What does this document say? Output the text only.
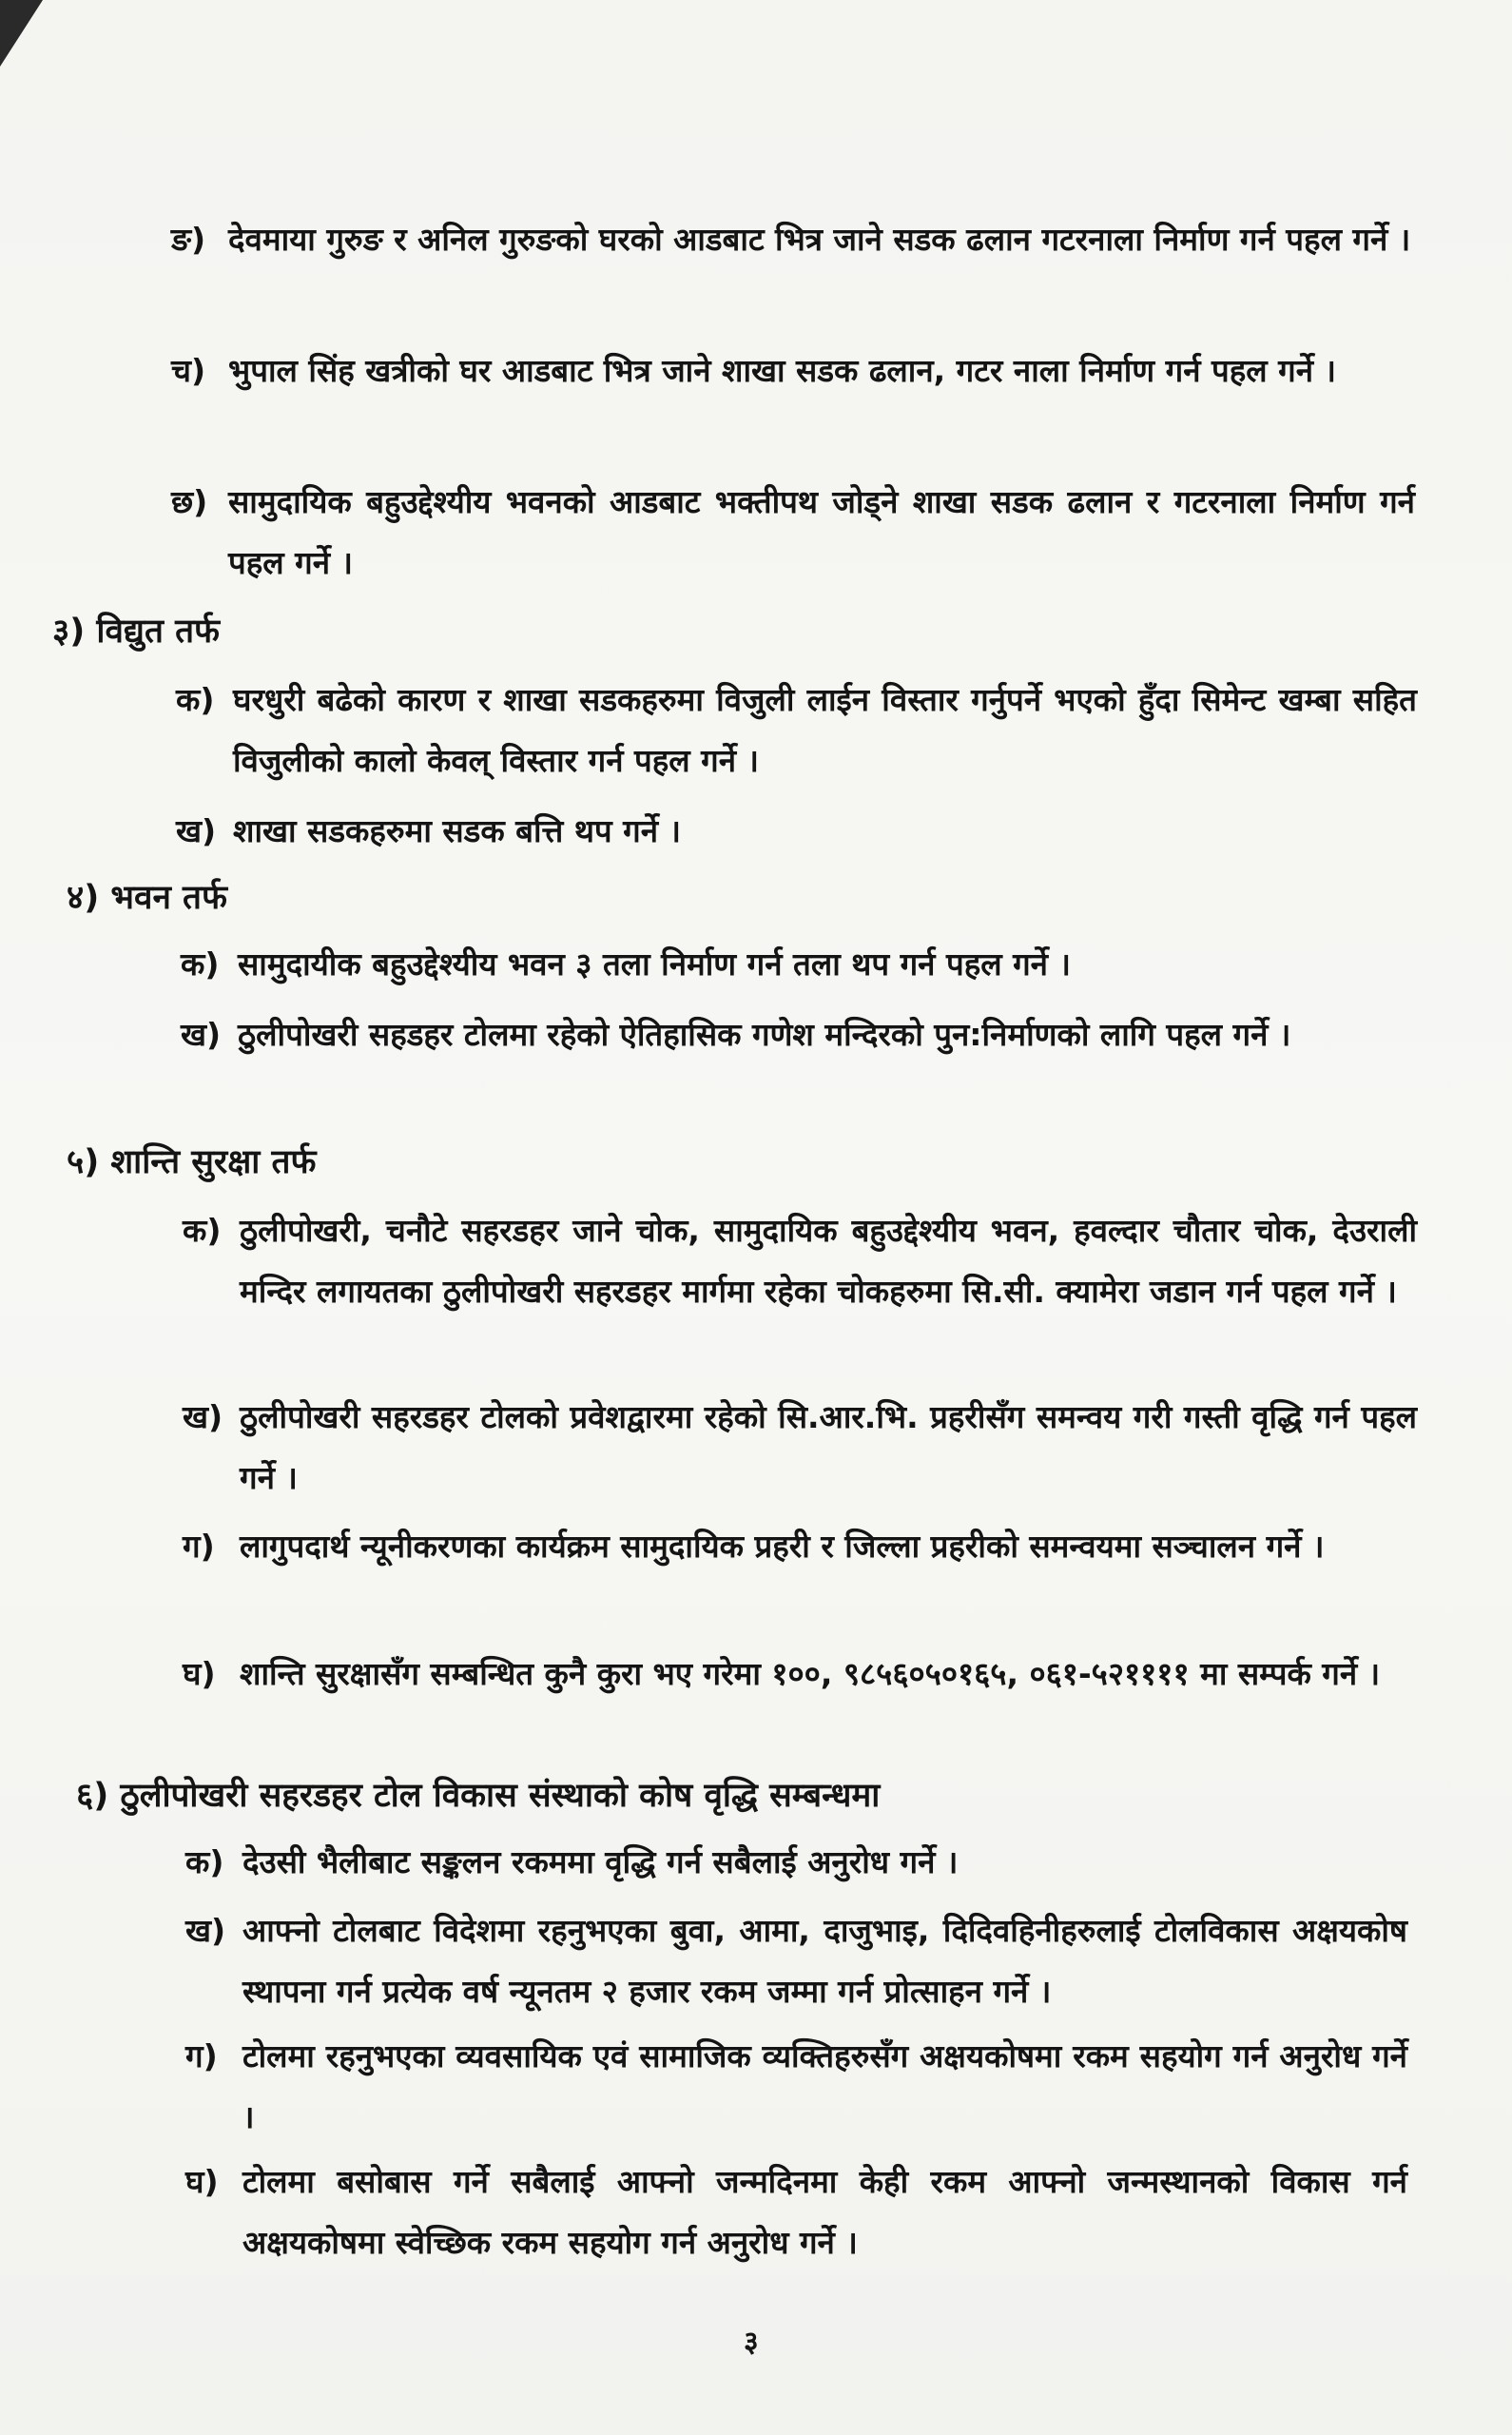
ङ) देवमाया गुरुङ र अनिल गुरुङको घरको आडबाट भित्र जाने सडक ढलान गटरनाला निर्माण गर्न पहल गर्ने ।
च) भुपाल सिंह खत्रीको घर आडबाट भित्र जाने शाखा सडक ढलान, गटर नाला निर्माण गर्न पहल गर्ने ।
छ) सामुदायिक बहुउद्देश्यीय भवनको आडबाट भक्तीपथ जोड्ने शाखा सडक ढलान र गटरनाला निर्माण गर्न पहल गर्ने ।
३) विद्युत तर्फ
क) घरधुरी बढेको कारण र शाखा सडकहरुमा विजुली लाईन विस्तार गर्नुपर्ने भएको हुँदा सिमेन्ट खम्बा सहित विजुलीको कालो केवल् विस्तार गर्न पहल गर्ने ।
ख) शाखा सडकहरुमा सडक बत्ति थप गर्ने ।
४) भवन तर्फ
क) सामुदायीक बहुउद्देश्यीय भवन ३ तला निर्माण गर्न तला थप गर्न पहल गर्ने ।
ख) ठुलीपोखरी सहडहर टोलमा रहेको ऐतिहासिक गणेश मन्दिरको पुन:निर्माणको लागि पहल गर्ने ।
५) शान्ति सुरक्षा तर्फ
क) ठुलीपोखरी, चनौटे सहरडहर जाने चोक, सामुदायिक बहुउद्देश्यीय भवन, हवल्दार चौतार चोक, देउराली मन्दिर लगायतका ठुलीपोखरी सहरडहर मार्गमा रहेका चोकहरुमा सि.सी. क्यामेरा जडान गर्न पहल गर्ने ।
ख) ठुलीपोखरी सहरडहर टोलको प्रवेशद्वारमा रहेको सि.आर.भि. प्रहरीसँग समन्वय गरी गस्ती वृद्धि गर्न पहल गर्ने ।
ग) लागुपदार्थ न्यूनीकरणका कार्यक्रम सामुदायिक प्रहरी र जिल्ला प्रहरीको समन्वयमा सञ्चालन गर्ने ।
घ) शान्ति सुरक्षासँग सम्बन्धित कुनै कुरा भए गरेमा १००, ९८५६०५०१६५, ०६१-५२११११ मा सम्पर्क गर्ने ।
६) ठुलीपोखरी सहरडहर टोल विकास संस्थाको कोष वृद्धि सम्बन्धमा
क) देउसी भैलीबाट सङ्कलन रकममा वृद्धि गर्न सबैलाई अनुरोध गर्ने ।
ख) आफ्नो टोलबाट विदेशमा रहनुभएका बुवा, आमा, दाजुभाइ, दिदिवहिनीहरुलाई टोलविकास अक्षयकोष स्थापना गर्न प्रत्येक वर्ष न्यूनतम २ हजार रकम जम्मा गर्न प्रोत्साहन गर्ने ।
ग) टोलमा रहनुभएका व्यवसायिक एवं सामाजिक व्यक्तिहरुसँग अक्षयकोषमा रकम सहयोग गर्न अनुरोध गर्ने ।
घ) टोलमा बसोबास गर्ने सबैलाई आफ्नो जन्मदिनमा केही रकम आफ्नो जन्मस्थानको विकास गर्न अक्षयकोषमा स्वेच्छिक रकम सहयोग गर्न अनुरोध गर्ने ।
३
